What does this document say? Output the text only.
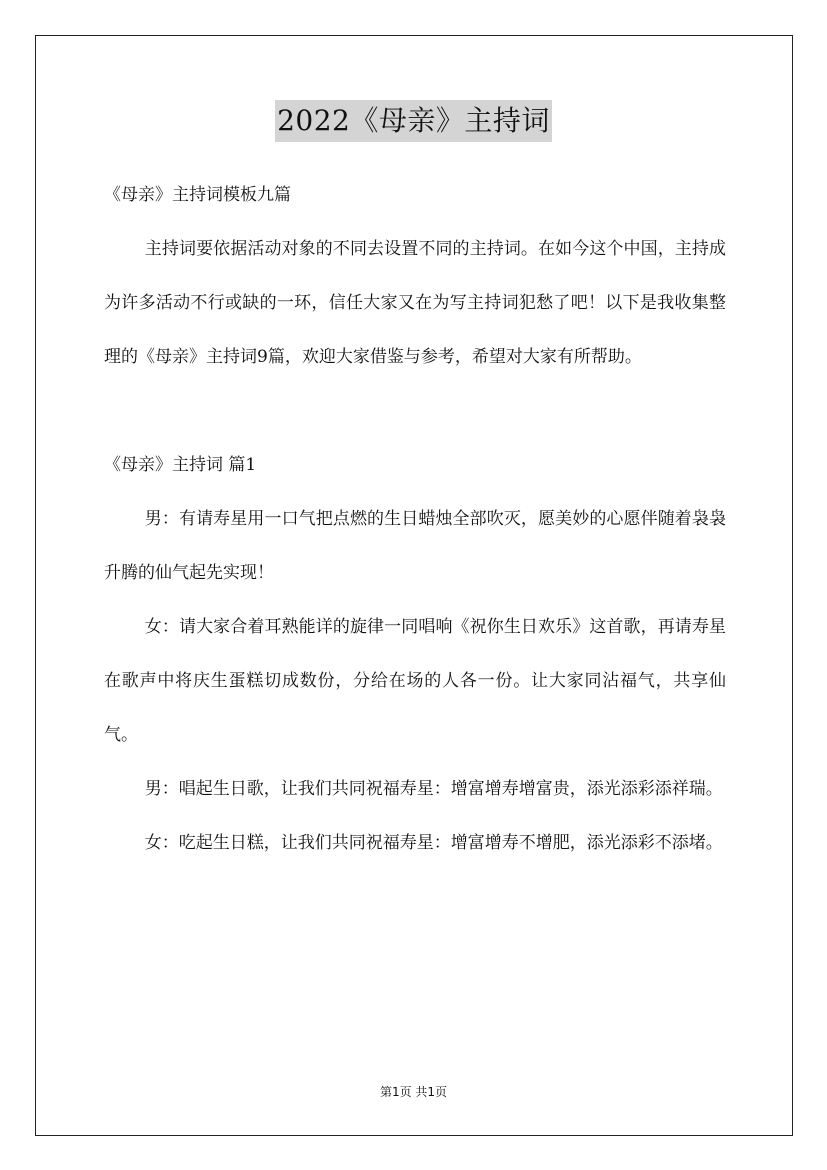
2022《母亲》主持词

《母亲》主持词模板九篇

主持词要依据活动对象的不同去设置不同的主持词。在如今这个中国，主持成为许多活动不行或缺的一环，信任大家又在为写主持词犯愁了吧！以下是我收集整理的《母亲》主持词9篇，欢迎大家借鉴与参考，希望对大家有所帮助。

《母亲》主持词 篇1

男：有请寿星用一口气把点燃的生日蜡烛全部吹灭，愿美妙的心愿伴随着袅袅升腾的仙气起先实现！

女：请大家合着耳熟能详的旋律一同唱响《祝你生日欢乐》这首歌，再请寿星在歌声中将庆生蛋糕切成数份，分给在场的人各一份。让大家同沾福气，共享仙气。

男：唱起生日歌，让我们共同祝福寿星：增富增寿增富贵，添光添彩添祥瑞。

女：吃起生日糕，让我们共同祝福寿星：增富增寿不增肥，添光添彩不添堵。

第1页 共1页
